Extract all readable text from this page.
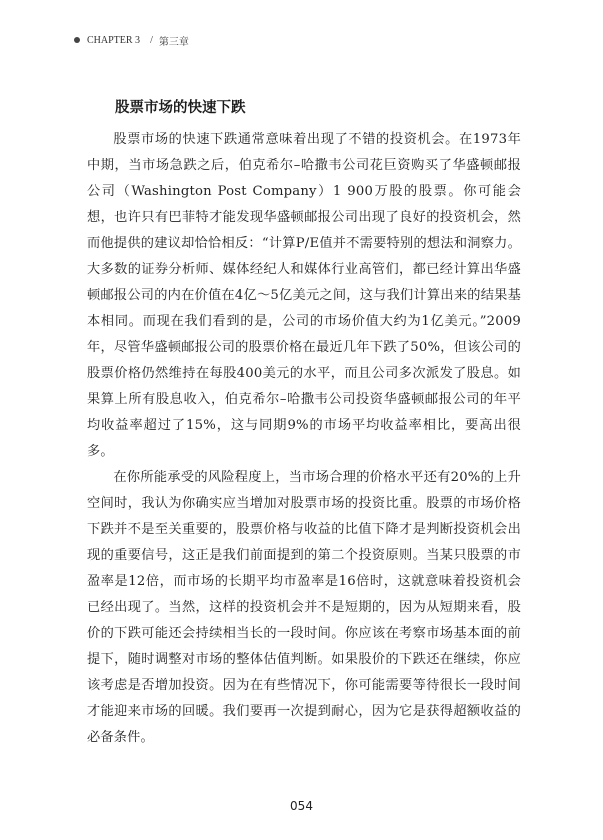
CHAPTER 3 / 第三章
股票市场的快速下跌

股票市场的快速下跌通常意味着出现了不错的投资机会。在1973年中期，当市场急跌之后，伯克希尔–哈撒韦公司花巨资购买了华盛顿邮报公司（Washington Post Company）1 900万股的股票。你可能会想，也许只有巴菲特才能发现华盛顿邮报公司出现了良好的投资机会，然而他提供的建议却恰恰相反：“计算P/E值并不需要特别的想法和洞察力。大多数的证券分析师、媒体经纪人和媒体行业高管们，都已经计算出华盛顿邮报公司的内在价值在4亿～5亿美元之间，这与我们计算出来的结果基本相同。而现在我们看到的是，公司的市场价值大约为1亿美元。”2009年，尽管华盛顿邮报公司的股票价格在最近几年下跌了50%，但该公司的股票价格仍然维持在每股400美元的水平，而且公司多次派发了股息。如果算上所有股息收入，伯克希尔–哈撒韦公司投资华盛顿邮报公司的年平均收益率超过了15%，这与同期9%的市场平均收益率相比，要高出很多。

在你所能承受的风险程度上，当市场合理的价格水平还有20%的上升空间时，我认为你确实应当增加对股票市场的投资比重。股票的市场价格下跌并不是至关重要的，股票价格与收益的比值下降才是判断投资机会出现的重要信号，这正是我们前面提到的第二个投资原则。当某只股票的市盈率是12倍，而市场的长期平均市盈率是16倍时，这就意味着投资机会已经出现了。当然，这样的投资机会并不是短期的，因为从短期来看，股价的下跌可能还会持续相当长的一段时间。你应该在考察市场基本面的前提下，随时调整对市场的整体估值判断。如果股价的下跌还在继续，你应该考虑是否增加投资。因为在有些情况下，你可能需要等待很长一段时间才能迎来市场的回暖。我们要再一次提到耐心，因为它是获得超额收益的必备条件。

054
